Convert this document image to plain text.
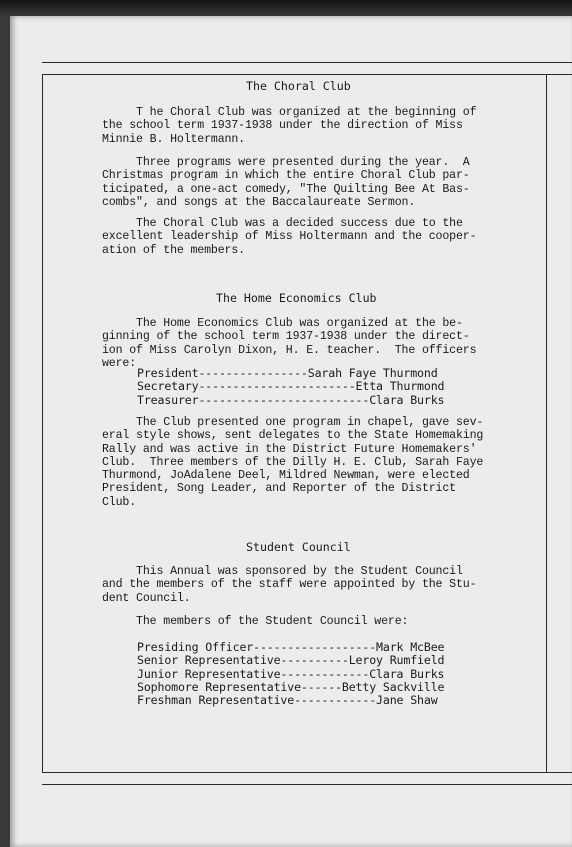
The Choral Club
T he Choral Club was organized at the beginning of
the school term 1937-1938 under the direction of Miss
Minnie B. Holtermann.
Three programs were presented during the year.  A
Christmas program in which the entire Choral Club par-
ticipated, a one-act comedy, "The Quilting Bee At Bas-
combs", and songs at the Baccalaureate Sermon.
The Choral Club was a decided success due to the
excellent leadership of Miss Holtermann and the cooper-
ation of the members.
The Home Economics Club
The Home Economics Club was organized at the be-
ginning of the school term 1937-1938 under the direct-
ion of Miss Carolyn Dixon, H. E. teacher.  The officers
were:
President----------------Sarah Faye Thurmond
Secretary-----------------------Etta Thurmond
Treasurer-------------------------Clara Burks
The Club presented one program in chapel, gave sev-
eral style shows, sent delegates to the State Homemaking
Rally and was active in the District Future Homemakers'
Club.  Three members of the Dilly H. E. Club, Sarah Faye
Thurmond, JoAdalene Deel, Mildred Newman, were elected
President, Song Leader, and Reporter of the District
Club.
Student Council
This Annual was sponsored by the Student Council
and the members of the staff were appointed by the Stu-
dent Council.
The members of the Student Council were:
Presiding Officer------------------Mark McBee
Senior Representative----------Leroy Rumfield
Junior Representative-------------Clara Burks
Sophomore Representative------Betty Sackville
Freshman Representative------------Jane Shaw
